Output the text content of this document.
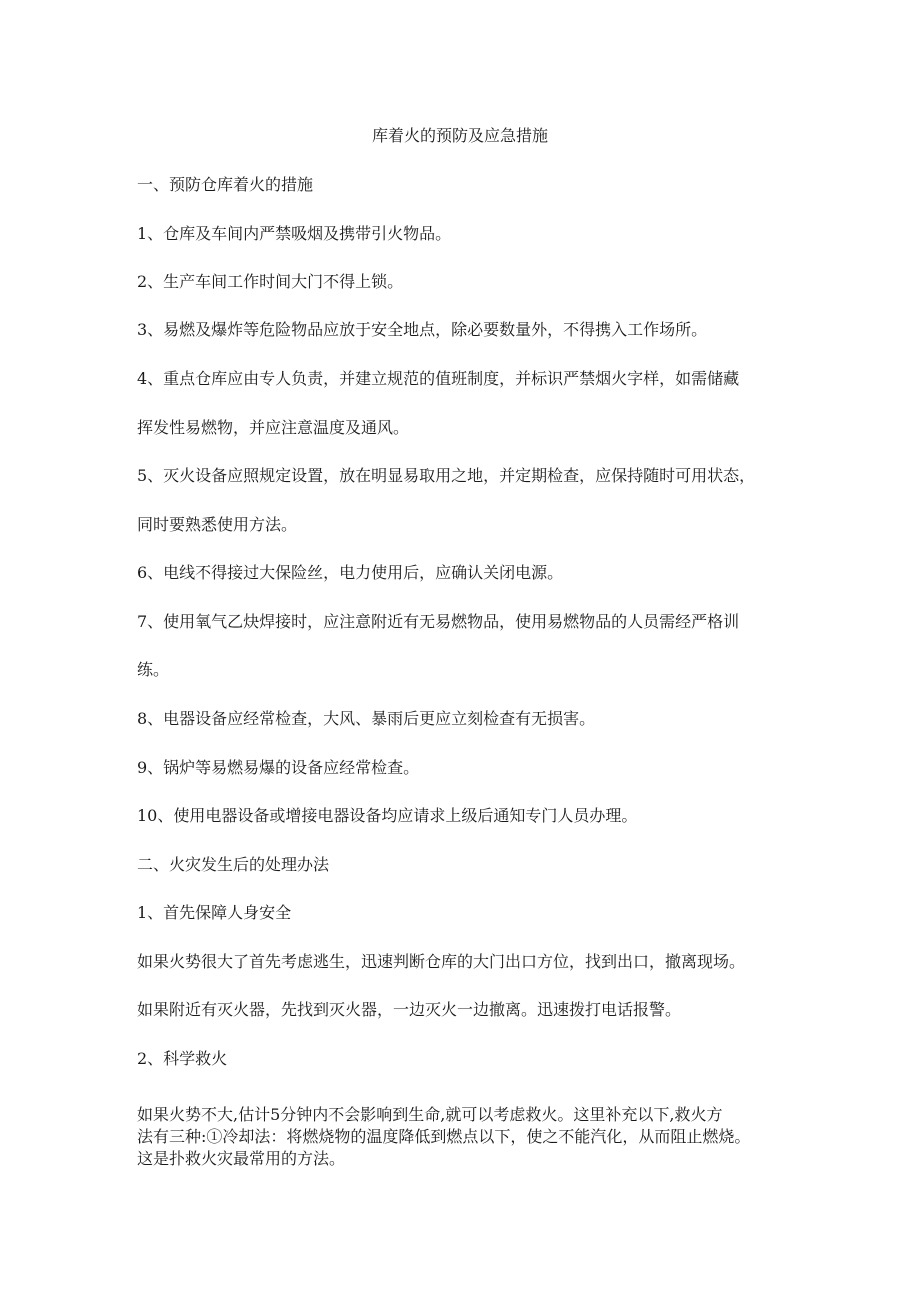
库着火的预防及应急措施
一、预防仓库着火的措施
1、仓库及车间内严禁吸烟及携带引火物品。
2、生产车间工作时间大门不得上锁。
3、易燃及爆炸等危险物品应放于安全地点，除必要数量外，不得携入工作场所。
4、重点仓库应由专人负责，并建立规范的值班制度，并标识严禁烟火字样，如需储藏
挥发性易燃物，并应注意温度及通风。
5、灭火设备应照规定设置，放在明显易取用之地，并定期检查，应保持随时可用状态，
同时要熟悉使用方法。
6、电线不得接过大保险丝，电力使用后，应确认关闭电源。
7、使用氧气乙炔焊接时，应注意附近有无易燃物品，使用易燃物品的人员需经严格训
练。
8、电器设备应经常检查，大风、暴雨后更应立刻检查有无损害。
9、锅炉等易燃易爆的设备应经常检查。
10、使用电器设备或增接电器设备均应请求上级后通知专门人员办理。
二、火灾发生后的处理办法
1、首先保障人身安全
如果火势很大了首先考虑逃生，迅速判断仓库的大门出口方位，找到出口，撤离现场。
如果附近有灭火器，先找到灭火器，一边灭火一边撤离。迅速拨打电话报警。
2、科学救火
如果火势不大,估计5分钟内不会影响到生命,就可以考虑救火。这里补充以下,救火方
法有三种:①冷却法：将燃烧物的温度降低到燃点以下，使之不能汽化，从而阻止燃烧。
这是扑救火灾最常用的方法。
